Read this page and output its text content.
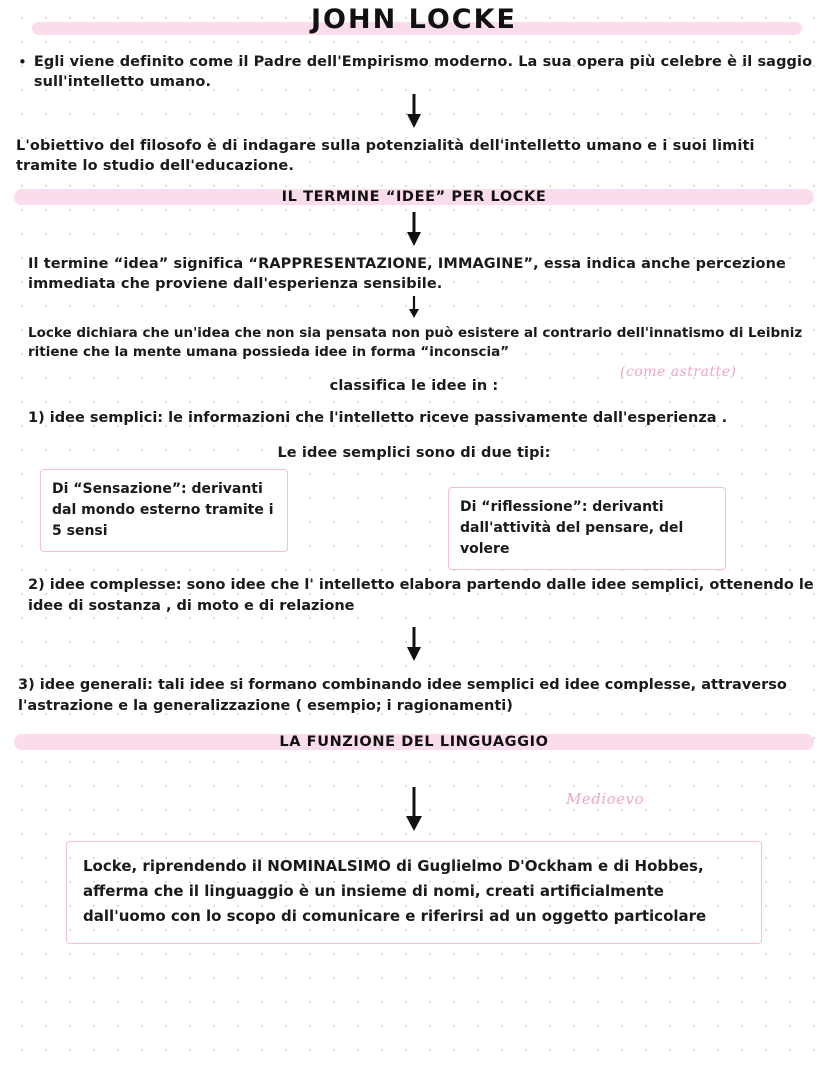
JOHN LOCKE
• Egli viene definito come il Padre dell'Empirismo moderno. La sua opera più celebre è il saggio sull'intelletto umano.
L'obiettivo del filosofo è di indagare sulla potenzialità dell'intelletto umano e i suoi limiti tramite lo studio dell'educazione.
IL TERMINE “IDEE” PER LOCKE
Il termine “idea” significa “RAPPRESENTAZIONE, IMMAGINE”, essa indica anche percezione immediata che proviene dall'esperienza sensibile.
Locke dichiara che un'idea che non sia pensata non può esistere al contrario dell'innatismo di Leibniz ritiene che la mente umana possieda idee in forma “inconscia”
classifica le idee in :
(come astratte)
1) idee semplici: le informazioni che l'intelletto riceve passivamente dall'esperienza .
Le idee semplici sono di due tipi:
Di “Sensazione”: derivanti dal mondo esterno tramite i 5 sensi
Di “riflessione”: derivanti dall'attività del pensare, del volere
2) idee complesse: sono idee che l' intelletto elabora partendo dalle idee semplici, ottenendo le idee di sostanza , di moto e di relazione
3) idee generali: tali idee si formano combinando idee semplici ed idee complesse, attraverso l'astrazione e la generalizzazione ( esempio; i ragionamenti)
LA FUNZIONE DEL LINGUAGGIO
Medioevo
Locke, riprendendo il NOMINALSIMO di Guglielmo D'Ockham e di Hobbes, afferma che il linguaggio è un insieme di nomi, creati artificialmente dall'uomo con lo scopo di comunicare e riferirsi ad un oggetto particolare
